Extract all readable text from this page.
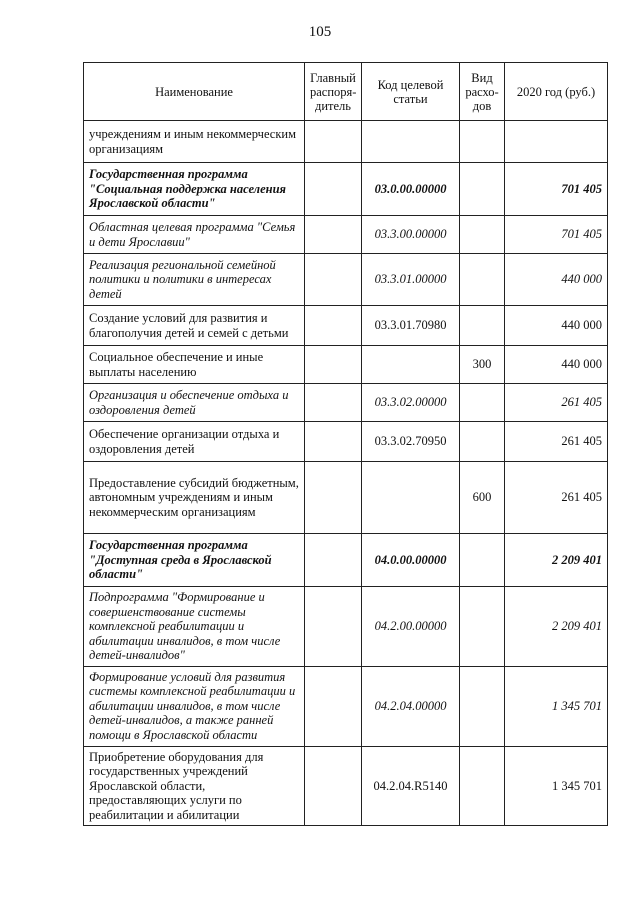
105
Наименование	Главный распоря-дитель	Код целевой статьи	Вид расхо-дов	2020 год (руб.)
учреждениям и иным некоммерческим организациям				
Государственная программа "Социальная поддержка населения Ярославской области"		03.0.00.00000		701 405
Областная целевая программа "Семья и дети Ярославии"		03.3.00.00000		701 405
Реализация региональной семейной политики и политики в интересах детей		03.3.01.00000		440 000
Создание условий для развития и благополучия детей и семей с детьми		03.3.01.70980		440 000
Социальное обеспечение и иные выплаты населению			300	440 000
Организация и обеспечение отдыха и оздоровления детей		03.3.02.00000		261 405
Обеспечение организации отдыха и оздоровления детей		03.3.02.70950		261 405
Предоставление субсидий бюджетным, автономным учреждениям и иным некоммерческим организациям			600	261 405
Государственная программа "Доступная среда в Ярославской области"		04.0.00.00000		2 209 401
Подпрограмма "Формирование и совершенствование системы комплексной реабилитации и абилитации инвалидов, в том числе детей-инвалидов"		04.2.00.00000		2 209 401
Формирование условий для развития системы комплексной реабилитации и абилитации инвалидов, в том числе детей-инвалидов, а также ранней помощи в Ярославской области		04.2.04.00000		1 345 701
Приобретение оборудования для государственных учреждений Ярославской области, предоставляющих услуги по реабилитации и абилитации		04.2.04.R5140		1 345 701
